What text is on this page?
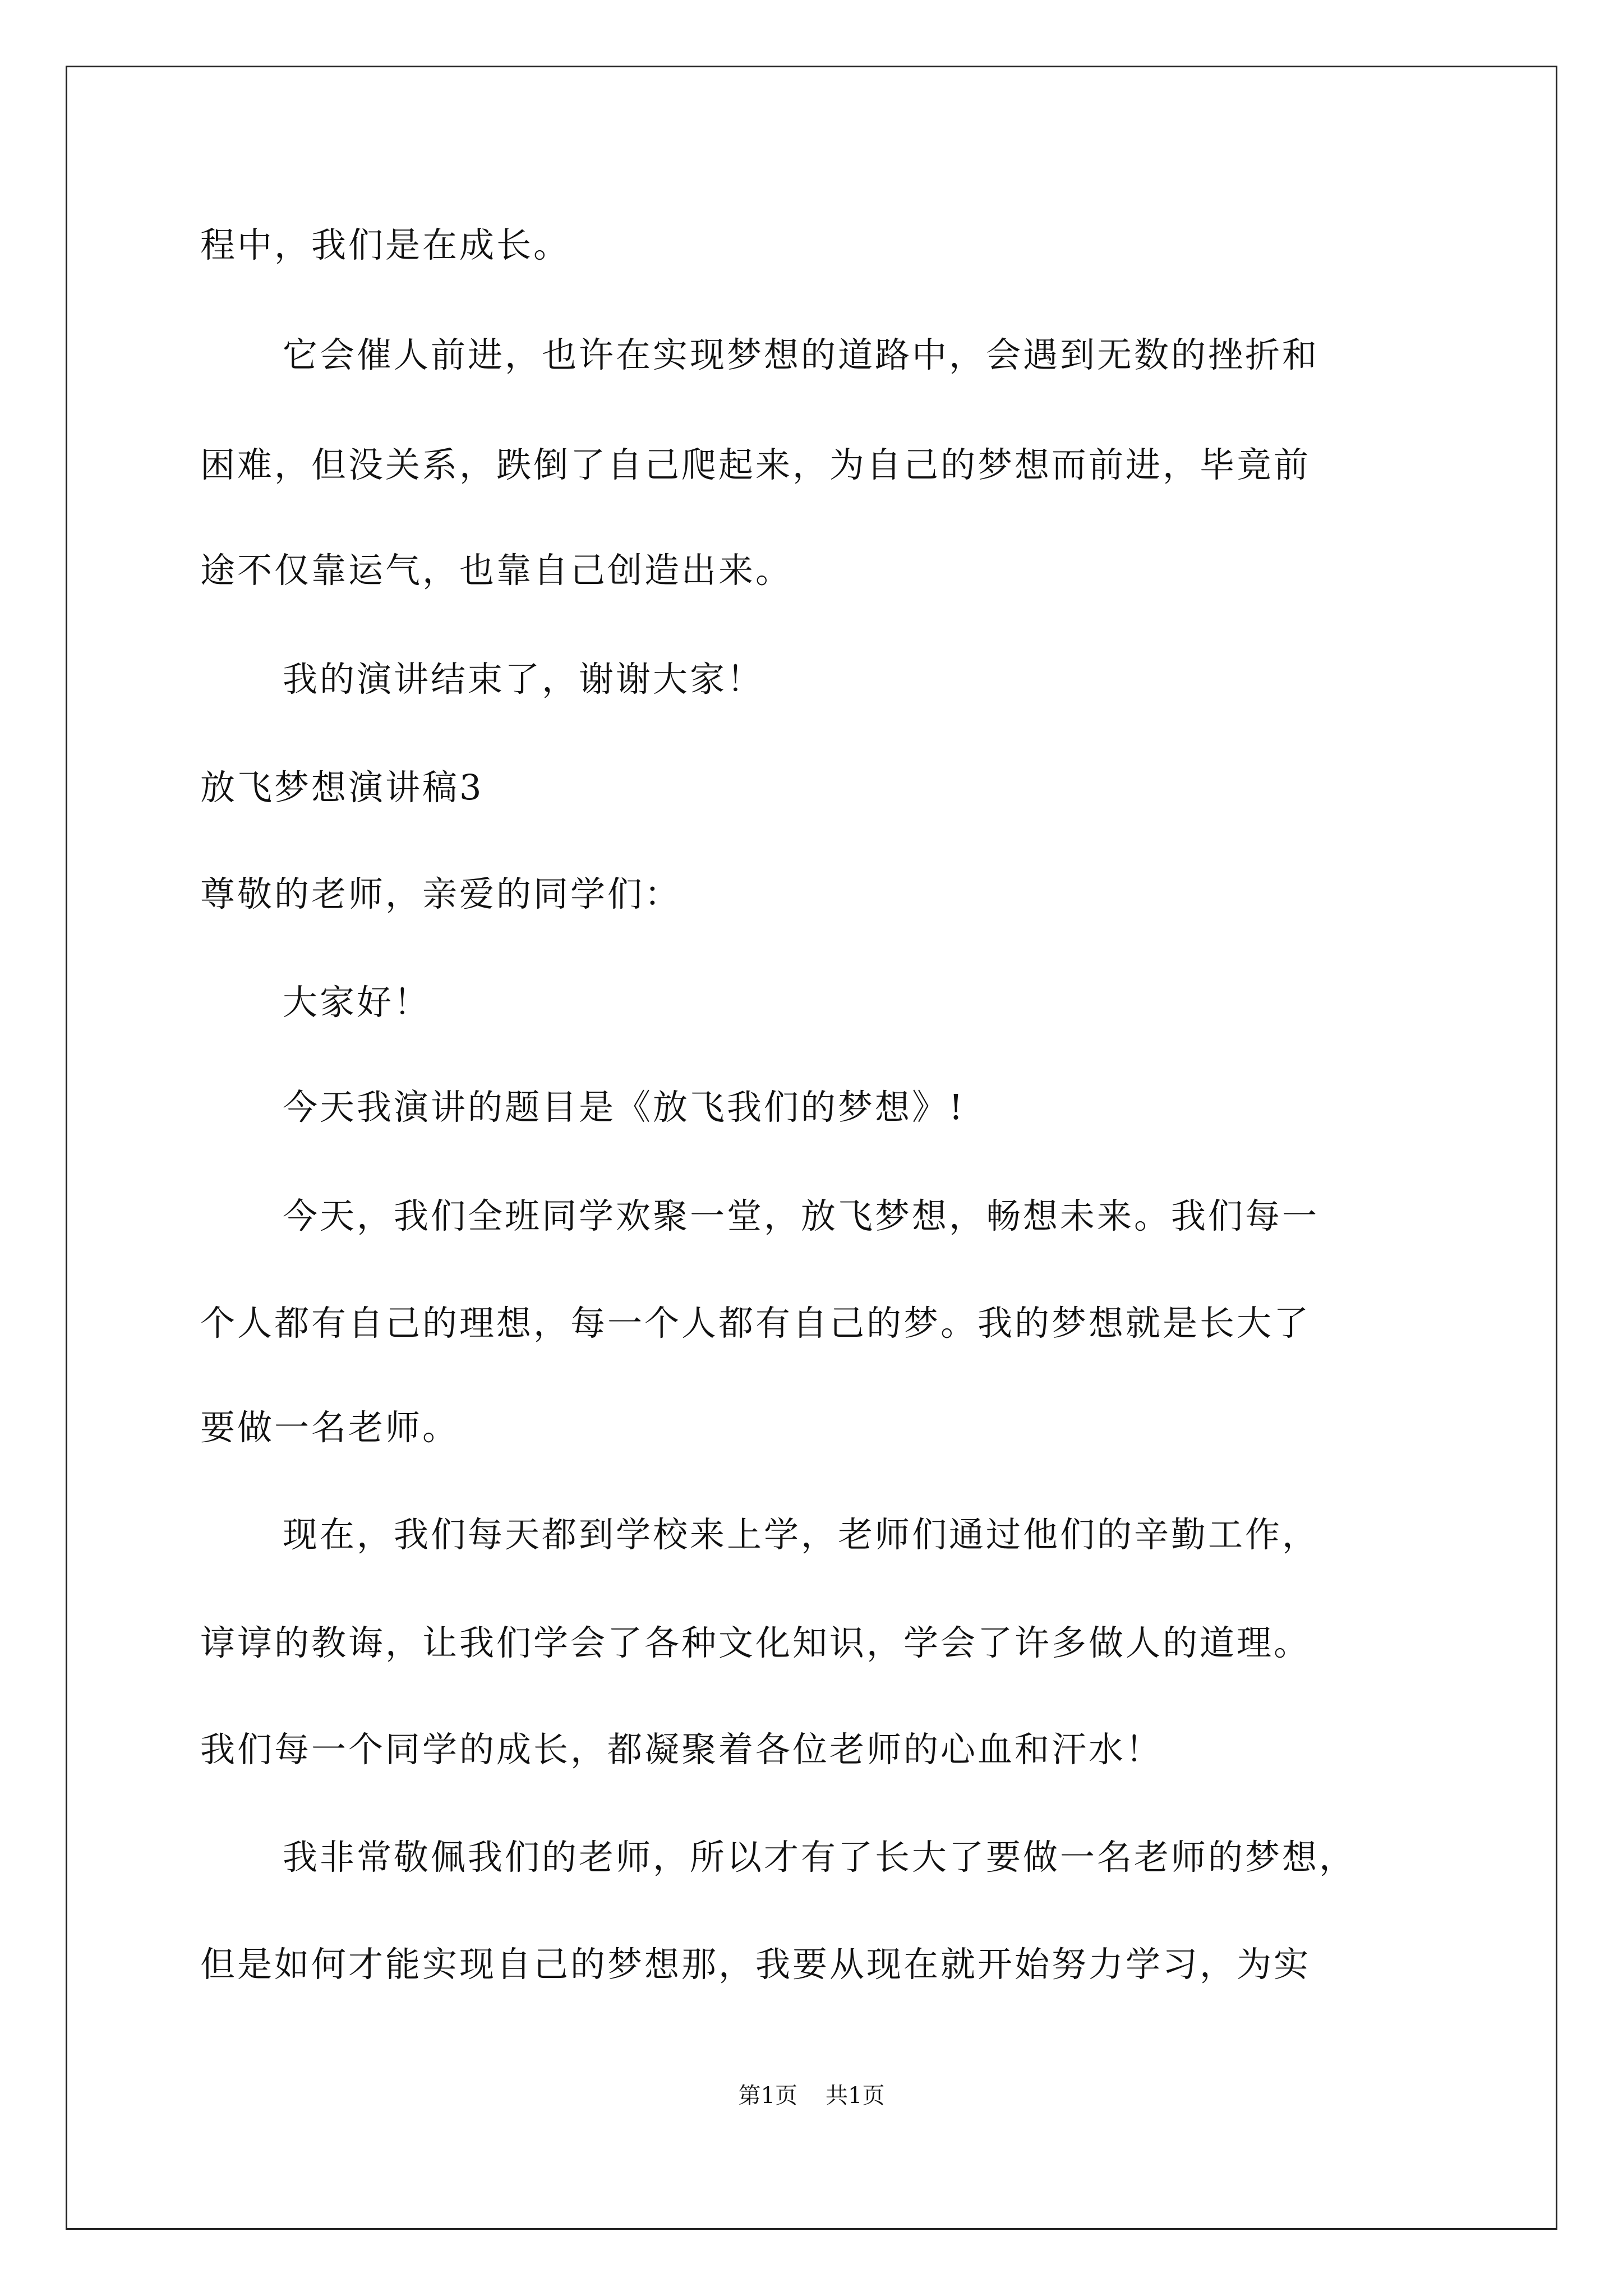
程中，我们是在成长。
它会催人前进，也许在实现梦想的道路中，会遇到无数的挫折和
困难，但没关系，跌倒了自己爬起来，为自己的梦想而前进，毕竟前
途不仅靠运气，也靠自己创造出来。
我的演讲结束了，谢谢大家！
放飞梦想演讲稿3
尊敬的老师，亲爱的同学们：
大家好！
今天我演讲的题目是《放飞我们的梦想》!
今天，我们全班同学欢聚一堂，放飞梦想，畅想未来。我们每一
个人都有自己的理想，每一个人都有自己的梦。我的梦想就是长大了
要做一名老师。
现在，我们每天都到学校来上学，老师们通过他们的辛勤工作，
谆谆的教诲，让我们学会了各种文化知识，学会了许多做人的道理。
我们每一个同学的成长，都凝聚着各位老师的心血和汗水！
我非常敬佩我们的老师，所以才有了长大了要做一名老师的梦想，
但是如何才能实现自己的梦想那，我要从现在就开始努力学习，为实
第1页 共1页
